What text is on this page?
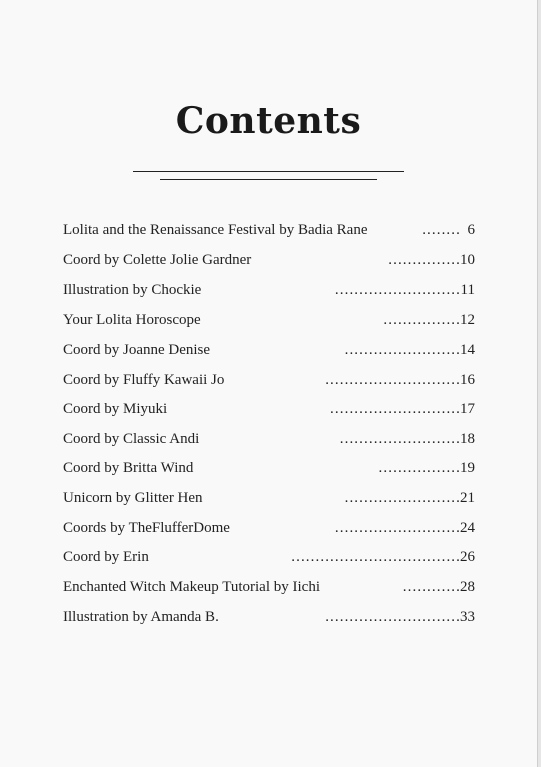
Contents
Lolita and the Renaissance Festival by Badia Rane	........ 6
Coord by Colette Jolie Gardner	............... 10
Illustration by Chockie	.......................... 11
Your Lolita Horoscope	................ 12
Coord by Joanne Denise	........................ 14
Coord by Fluffy Kawaii Jo	............................ 16
Coord by Miyuki	........................... 17
Coord by Classic Andi	......................... 18
Coord by Britta Wind	................. 19
Unicorn by Glitter Hen	........................ 21
Coords by TheFlufferDome	.......................... 24
Coord by Erin	................................... 26
Enchanted Witch Makeup Tutorial by Iichi	............ 28
Illustration by Amanda B.	............................ 33
